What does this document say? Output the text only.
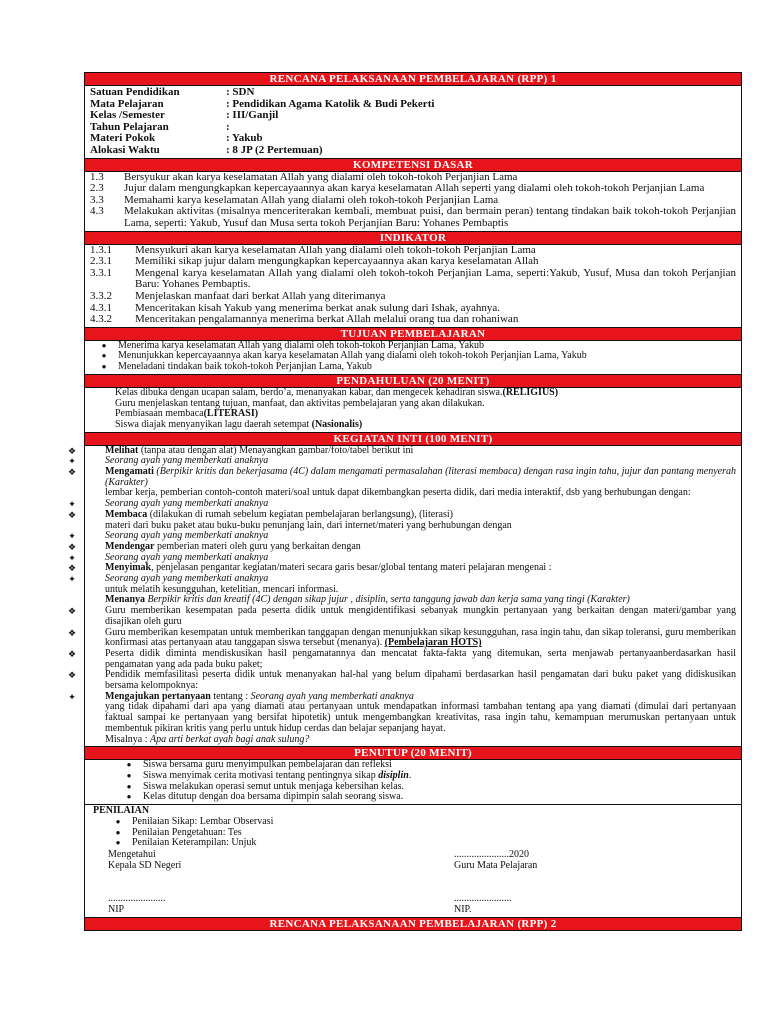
RENCANA PELAKSANAAN PEMBELAJARAN (RPP) 1
Satuan Pendidikan	: SDN
Mata Pelajaran	: Pendidikan Agama Katolik & Budi Pekerti
Kelas /Semester	: III/Ganjil
Tahun Pelajaran	:
Materi Pokok	: Yakub
Alokasi Waktu	: 8 JP (2 Pertemuan)
KOMPETENSI DASAR
1.3	Bersyukur akan karya keselamatan Allah yang dialami oleh tokoh-tokoh Perjanjian Lama
2.3	Jujur dalam mengungkapkan kepercayaannya akan karya keselamatan Allah seperti yang dialami oleh tokoh-tokoh Perjanjian Lama
3.3	Memahami karya keselamatan Allah yang dialami oleh tokoh-tokoh Perjanjian Lama
4.3	Melakukan aktivitas (misalnya menceriterakan kembali, membuat puisi, dan bermain peran) tentang tindakan baik tokoh-tokoh Perjanjian Lama, seperti: Yakub, Yusuf dan Musa serta tokoh Perjanjian Baru: Yohanes Pembaptis
INDIKATOR
1.3.1	Mensyukuri akan karya keselamatan Allah yang dialami oleh tokoh-tokoh Perjanjian Lama
2.3.1	Memiliki sikap jujur dalam mengungkapkan kepercayaannya akan karya keselamatan Allah
3.3.1	Mengenal karya keselamatan Allah yang dialami oleh tokoh-tokoh Perjanjian Lama, seperti:Yakub, Yusuf, Musa dan tokoh Perjanjian Baru: Yohanes Pembaptis.
3.3.2	Menjelaskan manfaat dari berkat Allah yang diterimanya
4.3.1	Menceritakan kisah Yakub yang menerima berkat anak sulung dari Ishak, ayahnya.
4.3.2	Menceritakan pengalamannya menerima berkat Allah melalui orang tua dan rohaniwan
TUJUAN PEMBELAJARAN
●	Menerima karya keselamatan Allah yang dialami oleh tokoh-tokoh Perjanjian Lama, Yakub
●	Menunjukkan kepercayaannya akan karya keselamatan Allah yang dialami oleh tokoh-tokoh Perjanjian Lama, Yakub
●	Meneladani tindakan baik tokoh-tokoh Perjanjian Lama, Yakub
PENDAHULUAN (20 MENIT)
Kelas dibuka dengan ucapan salam, berdo’a, menanyakan kabar, dan mengecek kehadiran siswa.(RELIGIUS)
Guru menjelaskan tentang tujuan, manfaat, dan aktivitas pembelajaran yang akan dilakukan.
Pembiasaan membaca(LITERASI)
Siswa diajak menyanyikan lagu daerah setempat (Nasionalis)
KEGIATAN INTI (100 MENIT)
❖	Melihat (tanpa atau dengan alat) Menayangkan gambar/foto/tabel berikut ini
✦	Seorang ayah yang memberkati anaknya
❖	Mengamati (Berpikir kritis dan bekerjasama (4C) dalam mengamati permasalahan (literasi membaca) dengan rasa ingin tahu, jujur dan pantang menyerah (Karakter)
lembar kerja, pemberian contoh-contoh materi/soal untuk dapat dikembangkan peserta didik, dari media interaktif, dsb yang berhubungan dengan:
✦	Seorang ayah yang memberkati anaknya
❖	Membaca (dilakukan di rumah sebelum kegiatan pembelajaran berlangsung), (literasi)
materi dari buku paket atau buku-buku penunjang lain, dari internet/materi yang berhubungan dengan
✦	Seorang ayah yang memberkati anaknya
❖	Mendengar pemberian materi oleh guru yang berkaitan dengan
✦	Seorang ayah yang memberkati anaknya
❖	Menyimak, penjelasan pengantar kegiatan/materi secara garis besar/global tentang materi pelajaran mengenai :
✦	Seorang ayah yang memberkati anaknya
untuk melatih kesungguhan, ketelitian, mencari informasi.
Menanya Berpikir kritis dan kreatif (4C) dengan sikap jujur , disiplin, serta tanggung jawab dan kerja sama yang tingi (Karakter)
❖	Guru memberikan kesempatan pada peserta didik untuk mengidentifikasi sebanyak mungkin pertanyaan yang berkaitan dengan materi/gambar yang disajikan oleh guru
❖	Guru memberikan kesempatan untuk memberikan tanggapan dengan menunjukkan sikap kesungguhan, rasa ingin tahu, dan sikap toleransi, guru memberikan konfirmasi atas pertanyaan atau tanggapan siswa tersebut (menanya). (Pembelajaran HOTS)
❖	Peserta didik diminta mendiskusikan hasil pengamatannya dan mencatat fakta-fakta yang ditemukan, serta menjawab pertanyaanberdasarkan hasil pengamatan yang ada pada buku paket;
❖	Pendidik memfasilitasi peserta didik untuk menanyakan hal-hal yang belum dipahami berdasarkan hasil pengamatan dari buku paket yang didiskusikan bersama kelompoknya:
✦	Mengajukan pertanyaan tentang : Seorang ayah yang memberkati anaknya
yang tidak dipahami dari apa yang diamati atau pertanyaan untuk mendapatkan informasi tambahan tentang apa yang diamati (dimulai dari pertanyaan faktual sampai ke pertanyaan yang bersifat hipotetik) untuk mengembangkan kreativitas, rasa ingin tahu, kemampuan merumuskan pertanyaan untuk membentuk pikiran kritis yang perlu untuk hidup cerdas dan belajar sepanjang hayat.
Misalnya : Apa arti berkat ayah bagi anak sulung?
PENUTUP (20 MENIT)
●	Siswa bersama guru menyimpulkan pembelajaran dan refleksi
●	Siswa menyimak cerita motivasi tentang pentingnya sikap disiplin.
●	Siswa melakukan operasi semut untuk menjaga kebersihan kelas.
●	Kelas ditutup dengan doa bersama dipimpin salah seorang siswa.
PENILAIAN
●	Penilaian Sikap: Lembar Observasi
●	Penilaian Pengetahuan: Tes
●	Penilaian Keterampilan: Unjuk
Mengetahui	......................2020
Kepala SD Negeri	Guru Mata Pelajaran
.......................	.......................
NIP	NIP.
RENCANA PELAKSANAAN PEMBELAJARAN (RPP) 2
